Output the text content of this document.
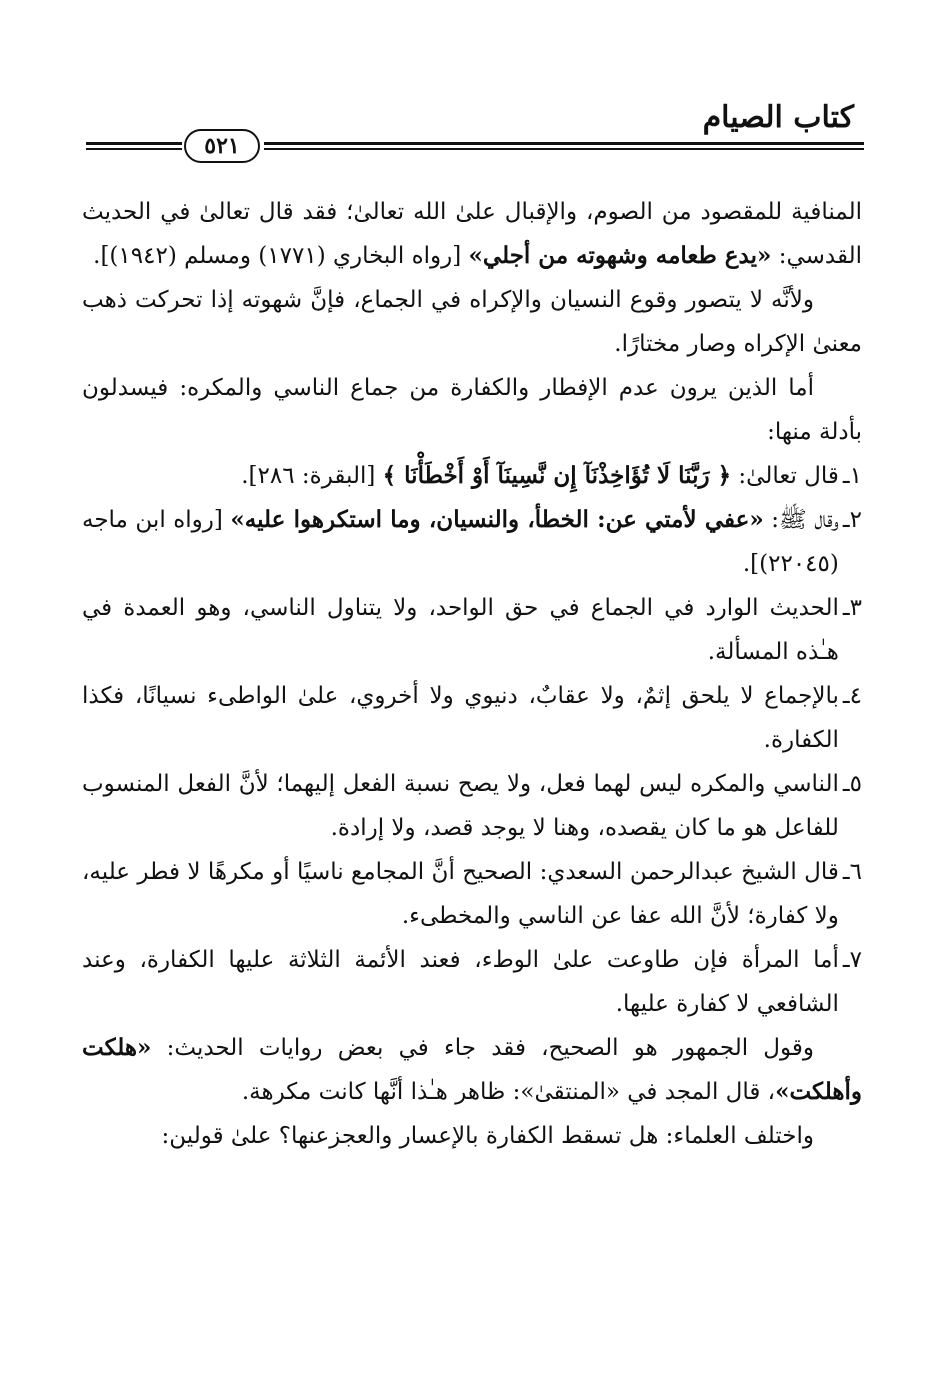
كتاب الصيام
٥٢١

المنافية للمقصود من الصوم، والإقبال علىٰ الله تعالىٰ؛ فقد قال تعالىٰ في الحديث القدسي: «يدع طعامه وشهوته من أجلي» [رواه البخاري (١٧٧١) ومسلم (١٩٤٢)].

ولأنَّه لا يتصور وقوع النسيان والإكراه في الجماع، فإنَّ شهوته إذا تحركت ذهب معنىٰ الإكراه وصار مختارًا.

أما الذين يرون عدم الإفطار والكفارة من جماع الناسي والمكره: فيسدلون بأدلة منها:

١ـ
قال تعالىٰ: ﴿ رَبَّنَا لَا تُؤَاخِذْنَآ إِن نَّسِينَآ أَوْ أَخْطَأْنَا ﴾ [البقرة: ٢٨٦].
٢ـ
وقال ﷺ: «عفي لأمتي عن: الخطأ، والنسيان، وما استكرهوا عليه» [رواه ابن ماجه (٢٢٠٤٥)].
٣ـ
الحديث الوارد في الجماع في حق الواحد، ولا يتناول الناسي، وهو العمدة في هـٰذه المسألة.
٤ـ
بالإجماع لا يلحق إثمٌ، ولا عقابٌ، دنيوي ولا أخروي، علىٰ الواطىء نسيانًا، فكذا الكفارة.
٥ـ
الناسي والمكره ليس لهما فعل، ولا يصح نسبة الفعل إليهما؛ لأنَّ الفعل المنسوب للفاعل هو ما كان يقصده، وهنا لا يوجد قصد، ولا إرادة.
٦ـ
قال الشيخ عبدالرحمن السعدي: الصحيح أنَّ المجامع ناسيًا أو مكرهًا لا فطر عليه، ولا كفارة؛ لأنَّ الله عفا عن الناسي والمخطىء.
٧ـ
أما المرأة فإن طاوعت علىٰ الوطء، فعند الأئمة الثلاثة عليها الكفارة، وعند الشافعي لا كفارة عليها.

وقول الجمهور هو الصحيح، فقد جاء في بعض روايات الحديث: «هلكت وأهلكت»، قال المجد في «المنتقىٰ»: ظاهر هـٰذا أنَّها كانت مكرهة.

واختلف العلماء: هل تسقط الكفارة بالإعسار والعجزعنها؟ علىٰ قولين:
